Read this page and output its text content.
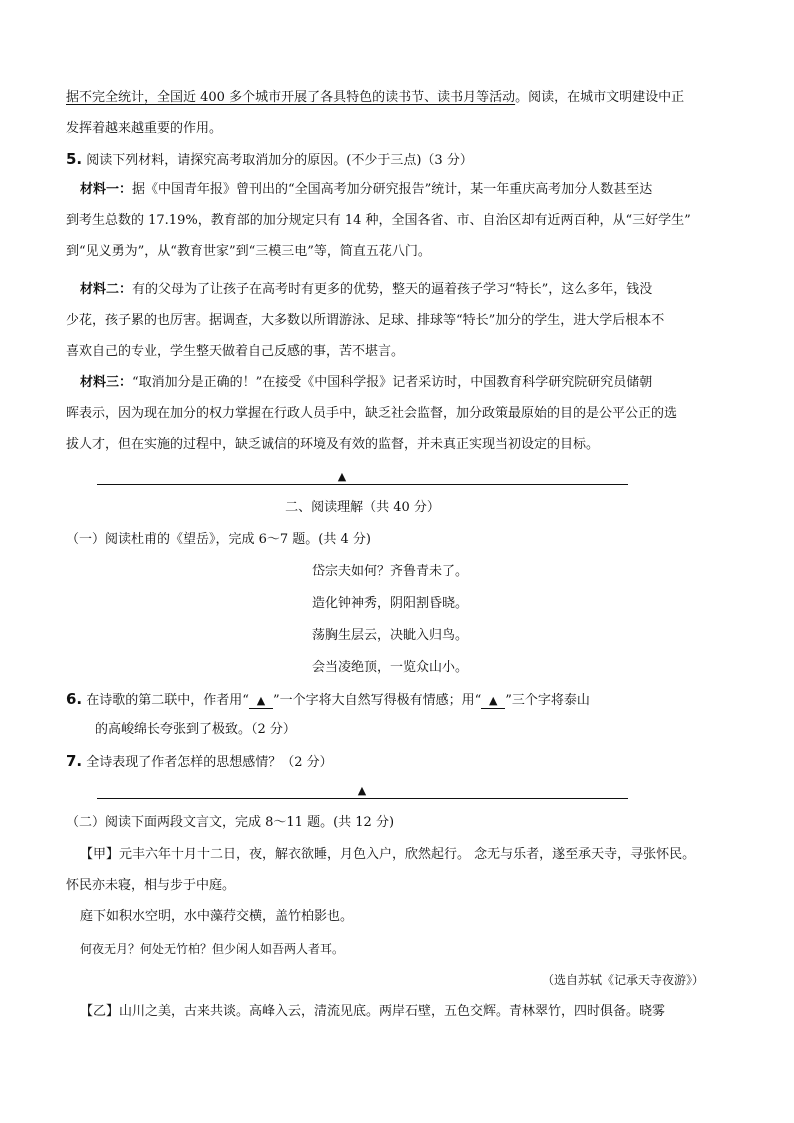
据不完全统计，全国近 400 多个城市开展了各具特色的读书节、读书月等活动。阅读，在城市文明建设中正
发挥着越来越重要的作用。
5. 阅读下列材料，请探究高考取消加分的原因。(不少于三点)（3 分）
材料一：据《中国青年报》曾刊出的“全国高考加分研究报告”统计，某一年重庆高考加分人数甚至达
到考生总数的 17.19%，教育部的加分规定只有 14 种，全国各省、市、自治区却有近两百种，从“三好学生”
到“见义勇为”，从“教育世家”到“三模三电”等，简直五花八门。
材料二：有的父母为了让孩子在高考时有更多的优势，整天的逼着孩子学习“特长”，这么多年，钱没
少花，孩子累的也厉害。据调查，大多数以所谓游泳、足球、排球等“特长”加分的学生，进大学后根本不
喜欢自己的专业，学生整天做着自己反感的事，苦不堪言。
材料三：“取消加分是正确的！”在接受《中国科学报》记者采访时，中国教育科学研究院研究员储朝
晖表示，因为现在加分的权力掌握在行政人员手中，缺乏社会监督，加分政策最原始的目的是公平公正的选
拔人才，但在实施的过程中，缺乏诚信的环境及有效的监督，并未真正实现当初设定的目标。
▲
二、阅读理解（共 40 分）
（一）阅读杜甫的《望岳》，完成 6～7 题。(共 4 分)
岱宗夫如何？齐鲁青未了。
造化钟神秀，阴阳割昏晓。
荡胸生层云，决眦入归鸟。
会当凌绝顶，一览众山小。
6. 在诗歌的第二联中，作者用“ ▲ ”一个字将大自然写得极有情感；用“ ▲ ”三个字将泰山
的高峻绵长夸张到了极致。（2 分）
7. 全诗表现了作者怎样的思想感情？（2 分）
▲
（二）阅读下面两段文言文，完成 8～11 题。(共 12 分)
【甲】元丰六年十月十二日，夜，解衣欲睡，月色入户，欣然起行。 念无与乐者，遂至承天寺，寻张怀民。
怀民亦未寝，相与步于中庭。
庭下如积水空明，水中藻荇交横，盖竹柏影也。
何夜无月？何处无竹柏？但少闲人如吾两人者耳。
（选自苏轼《记承天寺夜游》）
【乙】山川之美，古来共谈。高峰入云，清流见底。两岸石壁，五色交辉。青林翠竹，四时俱备。晓雾
